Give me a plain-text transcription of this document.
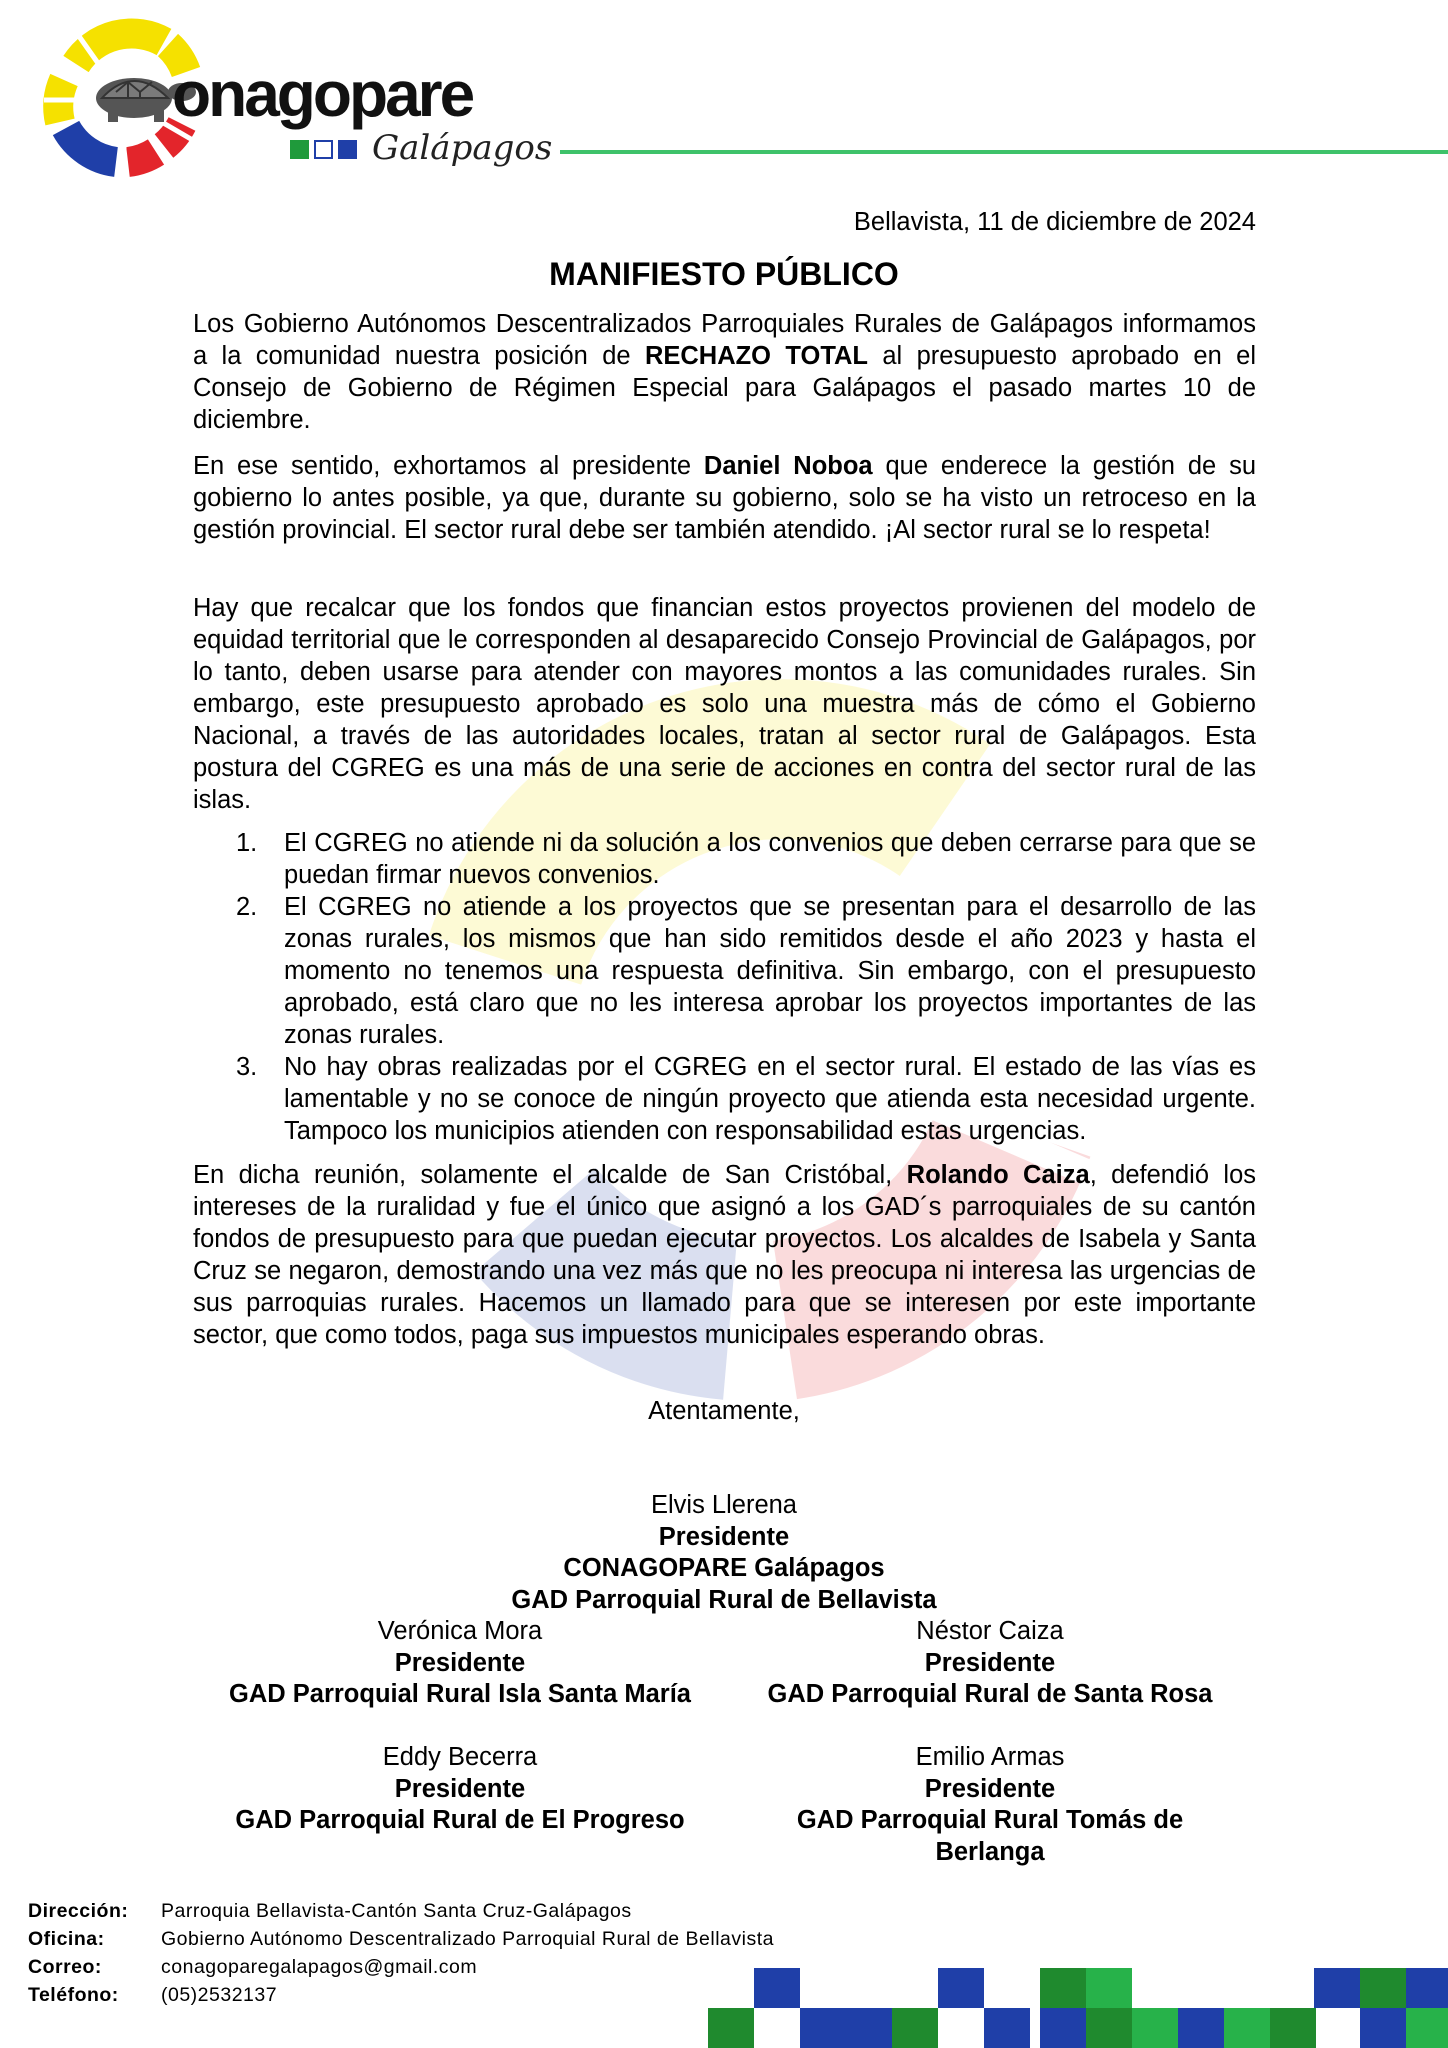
onagopare
Galápagos
Bellavista, 11 de diciembre de 2024
MANIFIESTO PÚBLICO
Los Gobierno Autónomos Descentralizados Parroquiales Rurales de Galápagos informamos a la comunidad nuestra posición de RECHAZO TOTAL al presupuesto aprobado en el Consejo de Gobierno de Régimen Especial para Galápagos el pasado martes 10 de diciembre.
En ese sentido, exhortamos al presidente Daniel Noboa que enderece la gestión de su gobierno lo antes posible, ya que, durante su gobierno, solo se ha visto un retroceso en la gestión provincial. El sector rural debe ser también atendido. ¡Al sector rural se lo respeta!
Hay que recalcar que los fondos que financian estos proyectos provienen del modelo de equidad territorial que le corresponden al desaparecido Consejo Provincial de Galápagos, por lo tanto, deben usarse para atender con mayores montos a las comunidades rurales. Sin embargo, este presupuesto aprobado es solo una muestra más de cómo el Gobierno Nacional, a través de las autoridades locales, tratan al sector rural de Galápagos. Esta postura del CGREG es una más de una serie de acciones en contra del sector rural de las islas.
1. El CGREG no atiende ni da solución a los convenios que deben cerrarse para que se puedan firmar nuevos convenios.
2. El CGREG no atiende a los proyectos que se presentan para el desarrollo de las zonas rurales, los mismos que han sido remitidos desde el año 2023 y hasta el momento no tenemos una respuesta definitiva. Sin embargo, con el presupuesto aprobado, está claro que no les interesa aprobar los proyectos importantes de las zonas rurales.
3. No hay obras realizadas por el CGREG en el sector rural. El estado de las vías es lamentable y no se conoce de ningún proyecto que atienda esta necesidad urgente. Tampoco los municipios atienden con responsabilidad estas urgencias.
En dicha reunión, solamente el alcalde de San Cristóbal, Rolando Caiza, defendió los intereses de la ruralidad y fue el único que asignó a los GAD´s parroquiales de su cantón fondos de presupuesto para que puedan ejecutar proyectos. Los alcaldes de Isabela y Santa Cruz se negaron, demostrando una vez más que no les preocupa ni interesa las urgencias de sus parroquias rurales. Hacemos un llamado para que se interesen por este importante sector, que como todos, paga sus impuestos municipales esperando obras.
Atentamente,
Elvis Llerena
Presidente
CONAGOPARE Galápagos
GAD Parroquial Rural de Bellavista
Verónica Mora
Presidente
GAD Parroquial Rural Isla Santa María
Néstor Caiza
Presidente
GAD Parroquial Rural de Santa Rosa
Eddy Becerra
Presidente
GAD Parroquial Rural de El Progreso
Emilio Armas
Presidente
GAD Parroquial Rural Tomás de Berlanga
Dirección: Parroquia Bellavista-Cantón Santa Cruz-Galápagos
Oficina:	Gobierno Autónomo Descentralizado Parroquial Rural de Bellavista
Correo:	conagoparegalapagos@gmail.com
Teléfono: (05)2532137
